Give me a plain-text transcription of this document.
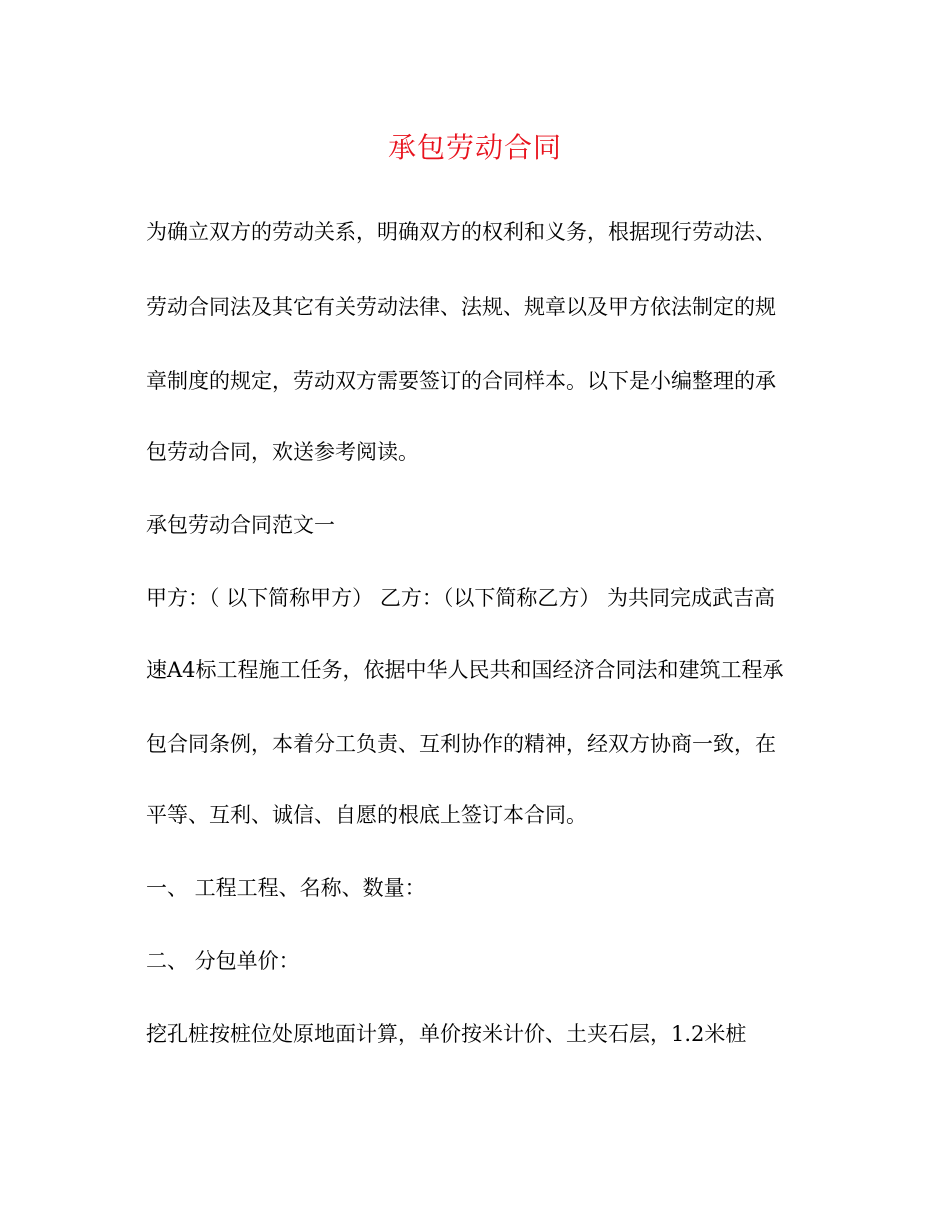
承包劳动合同
为确立双方的劳动关系，明确双方的权利和义务，根据现行劳动法、
劳动合同法及其它有关劳动法律、法规、规章以及甲方依法制定的规
章制度的规定，劳动双方需要签订的合同样本。以下是小编整理的承
包劳动合同，欢送参考阅读。
承包劳动合同范文一
甲方：（ 以下简称甲方） 乙方：（以下简称乙方） 为共同完成武吉高
速A4标工程施工任务，依据中华人民共和国经济合同法和建筑工程承
包合同条例，本着分工负责、互利协作的精神，经双方协商一致，在
平等、互利、诚信、自愿的根底上签订本合同。
一、 工程工程、名称、数量：
二、 分包单价：
挖孔桩按桩位处原地面计算，单价按米计价、土夹石层，1.2米桩
